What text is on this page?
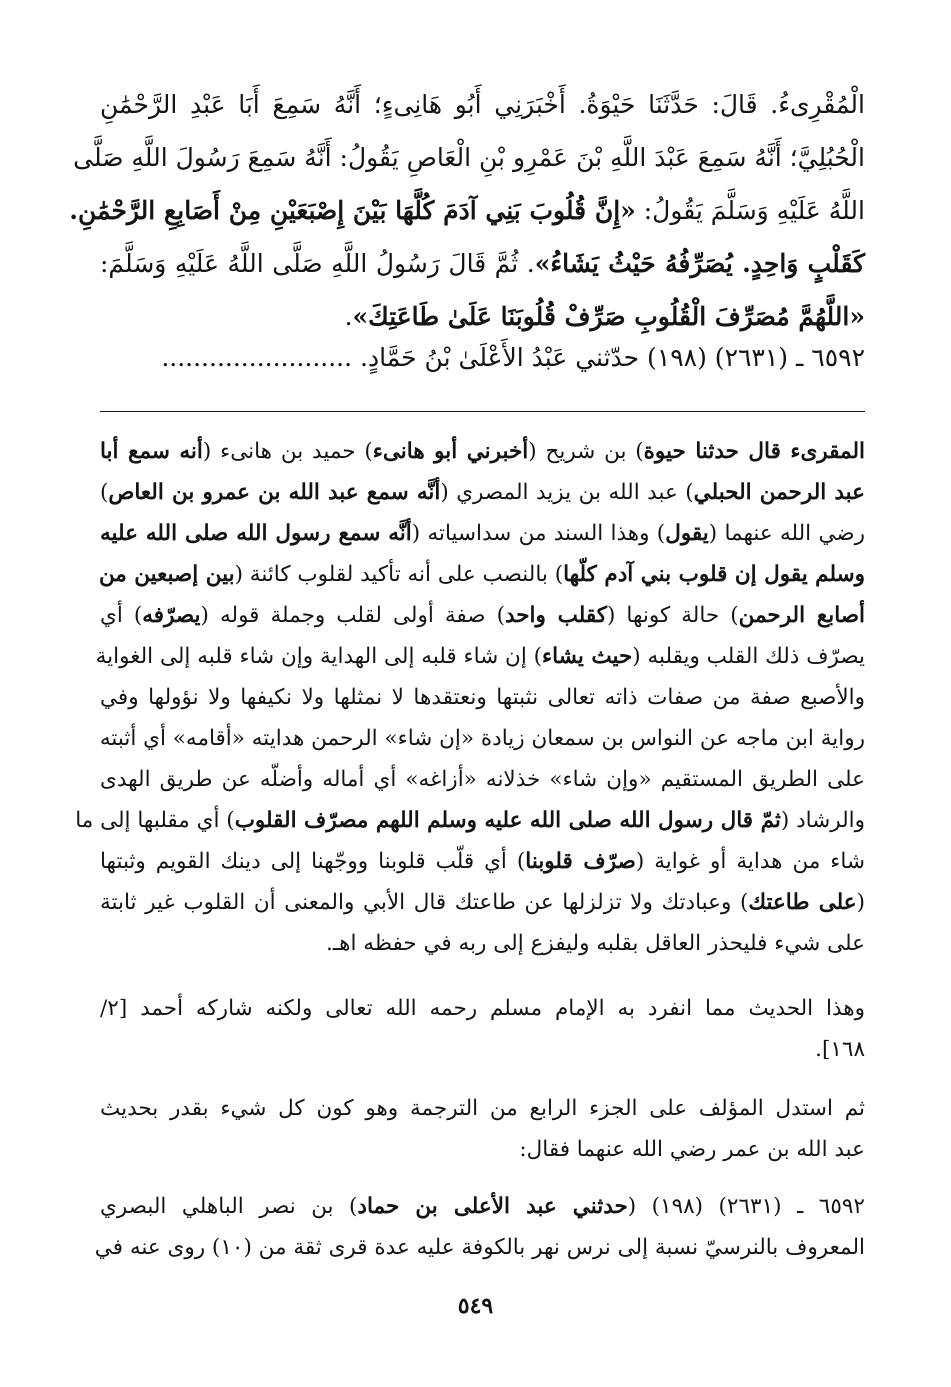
الْمُقْرِىءُ. قَالَ: حَدَّثَنَا حَيْوَةُ. أَخْبَرَنِي أَبُو هَانِىءٍ؛ أَنَّهُ سَمِعَ أَبَا عَبْدِ الرَّحْمَٰنِ
الْحُبُلِيَّ؛ أَنَّهُ سَمِعَ عَبْدَ اللَّهِ بْنَ عَمْرِو بْنِ الْعَاصِ يَقُولُ: أَنَّهُ سَمِعَ رَسُولَ اللَّهِ صَلَّى
اللَّهُ عَلَيْهِ وَسَلَّمَ يَقُولُ: «إِنَّ قُلُوبَ بَنِي آدَمَ كُلَّهَا بَيْنَ إِصْبَعَيْنِ مِنْ أَصَابِعِ الرَّحْمَٰنِ.
كَقَلْبٍ وَاحِدٍ. يُصَرِّفُهُ حَيْثُ يَشَاءُ». ثُمَّ قَالَ رَسُولُ اللَّهِ صَلَّى اللَّهُ عَلَيْهِ وَسَلَّمَ:
«اللَّهُمَّ مُصَرِّفَ الْقُلُوبِ صَرِّفْ قُلُوبَنَا عَلَىٰ طَاعَتِكَ».
٦٥٩٢ ـ (٢٦٣١) (١٩٨) حدّثني عَبْدُ الأَعْلَىٰ بْنُ حَمَّادٍ. ........................
المقرىء قال حدثنا حيوة) بن شريح (أخبرني أبو هانىء) حميد بن هانىء (أنه سمع أبا
عبد الرحمن الحبلي) عبد الله بن يزيد المصري (أنَّه سمع عبد الله بن عمرو بن العاص)
رضي الله عنهما (يقول) وهذا السند من سداسياته (أنَّه سمع رسول الله صلى الله عليه
وسلم يقول إن قلوب بني آدم كلّها) بالنصب على أنه تأكيد لقلوب كائنة (بين إصبعين من
أصابع الرحمن) حالة كونها (كقلب واحد) صفة أولى لقلب وجملة قوله (يصرّفه) أي
يصرّف ذلك القلب ويقلبه (حيث يشاء) إن شاء قلبه إلى الهداية وإن شاء قلبه إلى الغواية
والأصبع صفة من صفات ذاته تعالى نثبتها ونعتقدها لا نمثلها ولا نكيفها ولا نؤولها وفي
رواية ابن ماجه عن النواس بن سمعان زيادة «إن شاء» الرحمن هدايته «أقامه» أي أثبته
على الطريق المستقيم «وإن شاء» خذلانه «أزاغه» أي أماله وأضلّه عن طريق الهدى
والرشاد (ثمّ قال رسول الله صلى الله عليه وسلم اللهم مصرّف القلوب) أي مقلبها إلى ما
شاء من هداية أو غواية (صرّف قلوبنا) أي قلّب قلوبنا ووجّهنا إلى دينك القويم وثبتها
(على طاعتك) وعبادتك ولا تزلزلها عن طاعتك قال الأبي والمعنى أن القلوب غير ثابتة
على شيء فليحذر العاقل بقلبه وليفزع إلى ربه في حفظه اهـ.
وهذا الحديث مما انفرد به الإمام مسلم رحمه الله تعالى ولكنه شاركه أحمد [٢/
١٦٨].
ثم استدل المؤلف على الجزء الرابع من الترجمة وهو كون كل شيء بقدر بحديث
عبد الله بن عمر رضي الله عنهما فقال:
٦٥٩٢ ـ (٢٦٣١) (١٩٨) (حدثني عبد الأعلى بن حماد) بن نصر الباهلي البصري
المعروف بالنرسيّ نسبة إلى نرس نهر بالكوفة عليه عدة قرى ثقة من (١٠) روى عنه في
٥٤٩
